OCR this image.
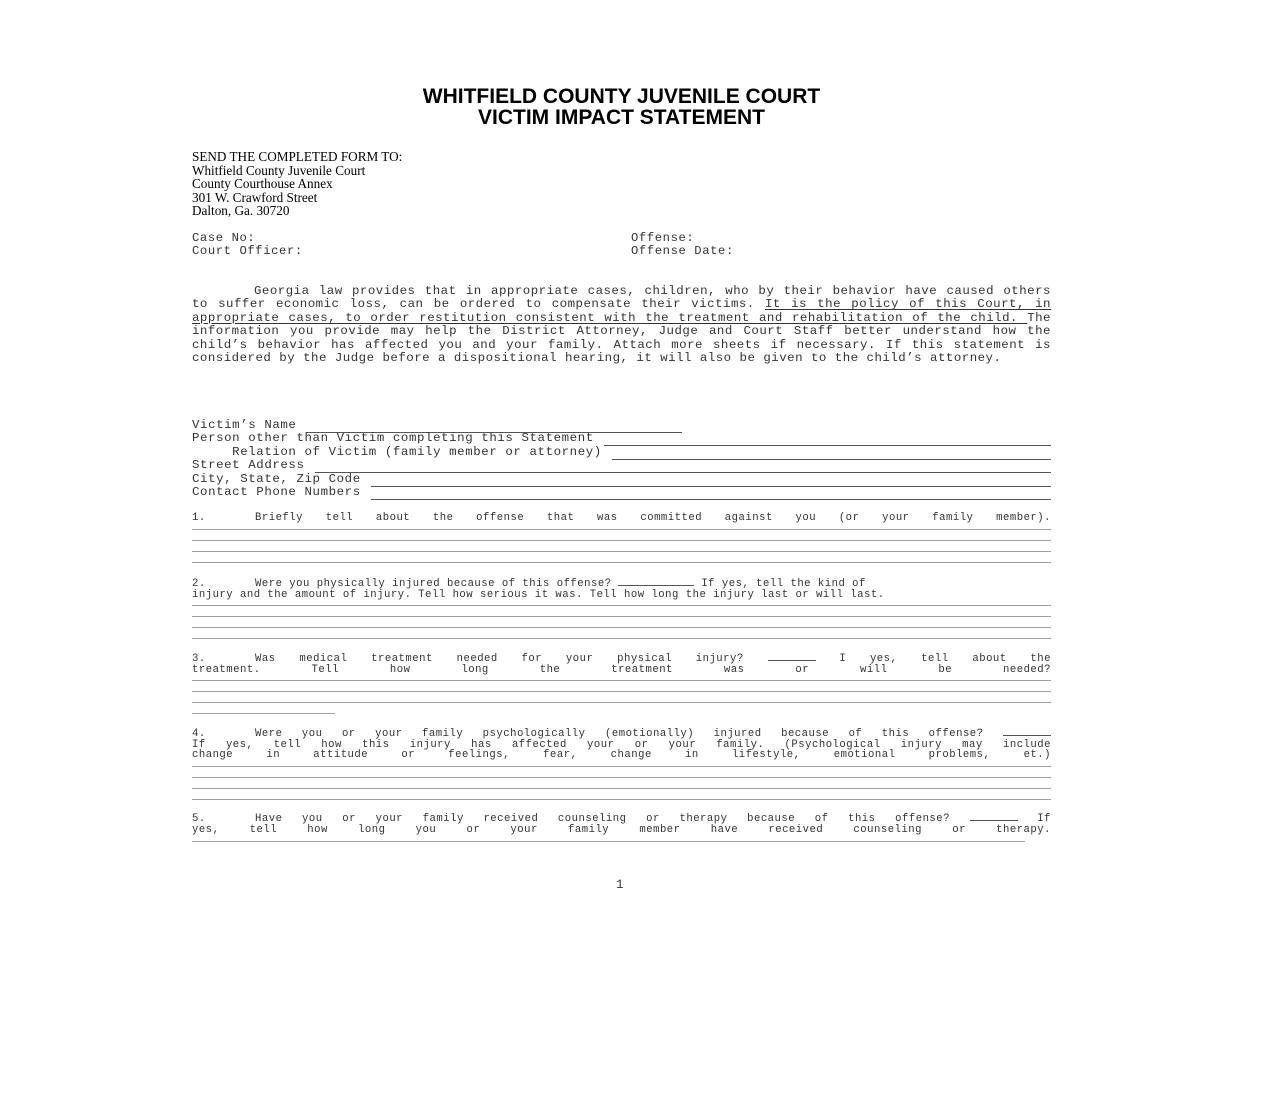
WHITFIELD COUNTY JUVENILE COURT
VICTIM IMPACT STATEMENT
SEND THE COMPLETED FORM TO:
Whitfield County Juvenile Court
County Courthouse Annex
301 W. Crawford Street
Dalton, Ga. 30720
Case No:
Court Officer:
Offense:
Offense Date:
Georgia law provides that in appropriate cases, children, who by their behavior have caused others to suffer economic loss, can be ordered to compensate their victims. It is the policy of this Court, in appropriate cases, to order restitution consistent with the treatment and rehabilitation of the child. The information you provide may help the District Attorney, Judge and Court Staff better understand how the child’s behavior has affected you and your family. Attach more sheets if necessary. If this statement is considered by the Judge before a dispositional hearing, it will also be given to the child’s attorney.
Victim’s Name
Person other than Victim completing this Statement
Relation of Victim (family member or attorney)
Street Address
City, State, Zip Code
Contact Phone Numbers
1.	Briefly tell about the offense that was committed against you (or your family member).
2.	Were you physically injured because of this offense?	If yes, tell the kind of
injury and the amount of injury. Tell how serious it was. Tell how long the injury last or will last.
3.	Was medical treatment needed for your physical injury?	I yes, tell about the
treatment. Tell how long the treatment was or will be needed?
4.	Were you or your family psychologically (emotionally) injured because of this offense?
If yes, tell how this injury has affected your or your family. (Psychological injury may include
change in attitude or feelings, fear, change in lifestyle, emotional problems, et.)
5.	Have you or your family received counseling or therapy because of this offense?	If
yes, tell how long you or your family member have received counseling or therapy.
1
